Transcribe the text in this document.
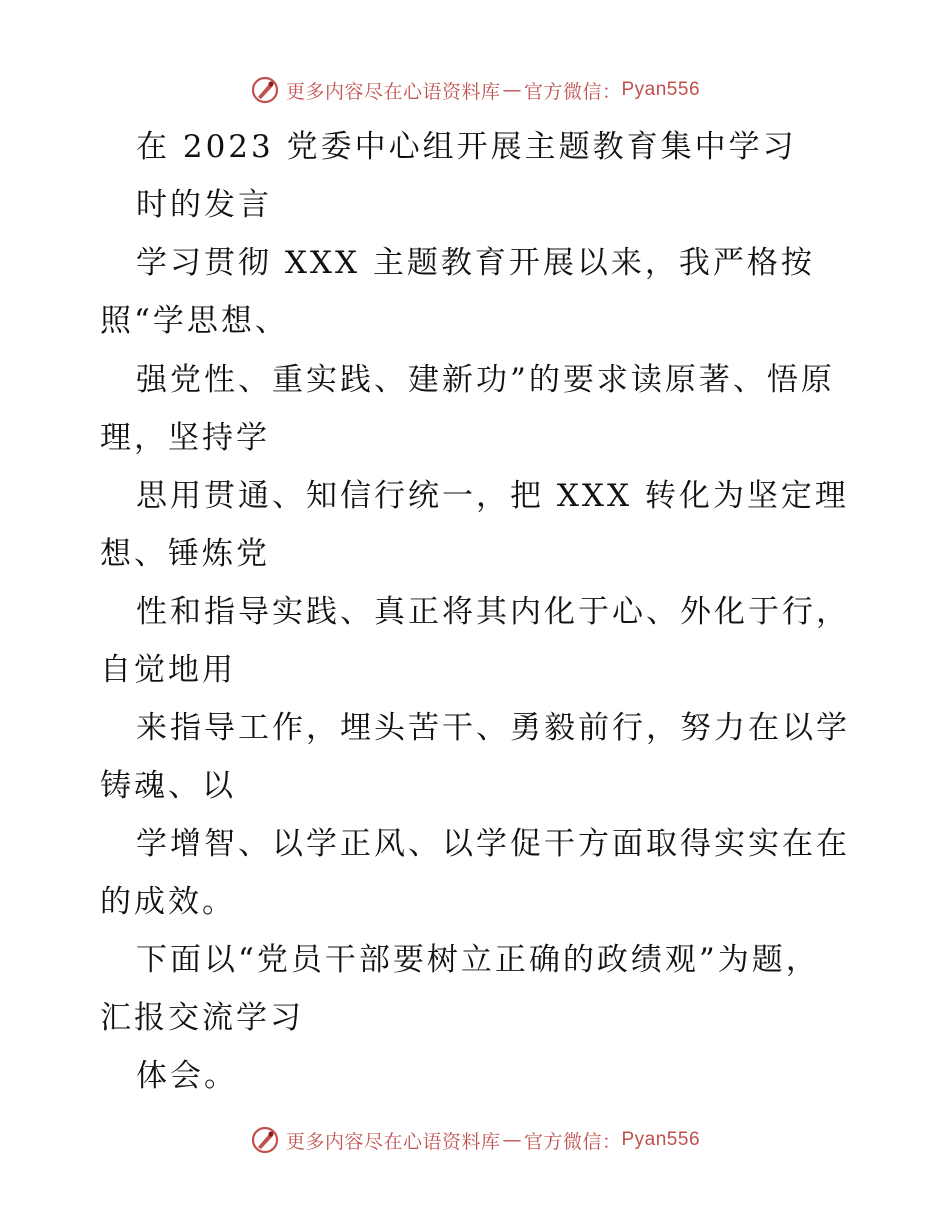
更多内容尽在心语资料库 — 官方微信： Pyan556
在 2023 党委中心组开展主题教育集中学习
时的发言
学习贯彻 XXX 主题教育开展以来，我严格按
照“学思想、
强党性、重实践、建新功”的要求读原著、悟原
理，坚持学
思用贯通、知信行统一，把 XXX 转化为坚定理
想、锤炼党
性和指导实践、真正将其内化于心、外化于行，
自觉地用
来指导工作，埋头苦干、勇毅前行，努力在以学
铸魂、以
学增智、以学正风、以学促干方面取得实实在在
的成效。
下面以“党员干部要树立正确的政绩观”为题，
汇报交流学习
体会。
更多内容尽在心语资料库 — 官方微信： Pyan556
